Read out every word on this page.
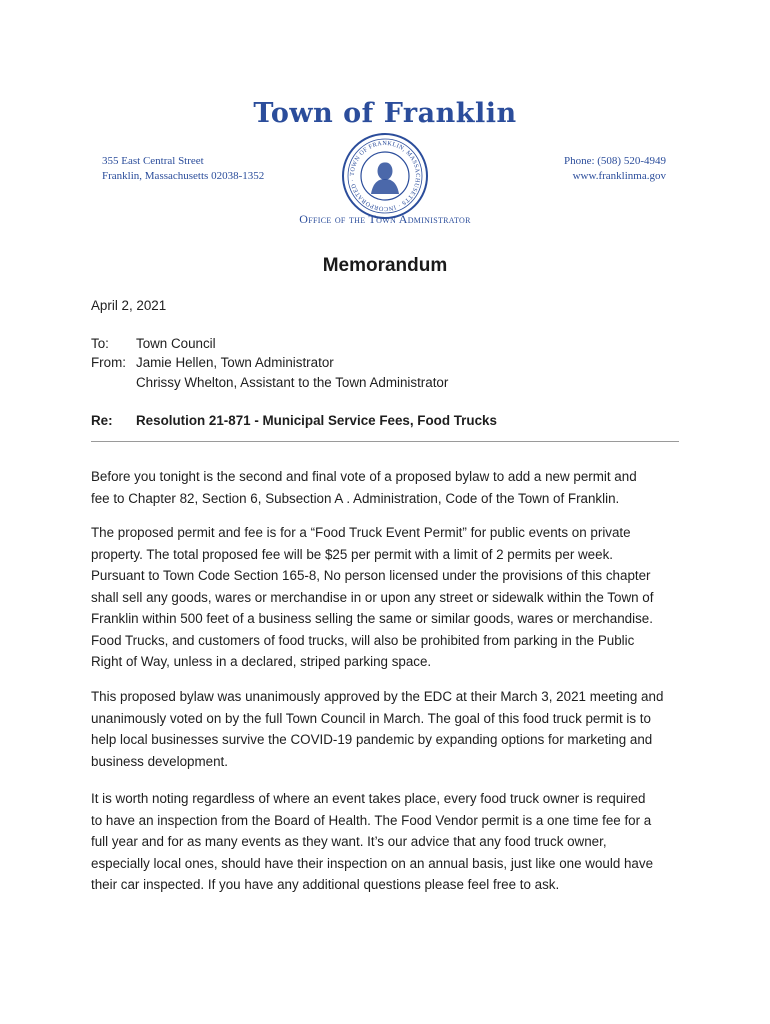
Town of Franklin
355 East Central Street
Franklin, Massachusetts 02038-1352	TOWN OF FRANKLIN, MASSACHUSETTS · INCORPORATED ·
Phone: (508) 520-4949
www.franklinma.gov
Office of the Town Administrator
Memorandum
April 2, 2021
To: Town Council
From: Jamie Hellen, Town Administrator
Chrissy Whelton, Assistant to the Town Administrator
Re: Resolution 21-871 - Municipal Service Fees, Food Trucks
Before you tonight is the second and final vote of a proposed bylaw to add a new permit and
fee to Chapter 82, Section 6, Subsection A . Administration, Code of the Town of Franklin.
The proposed permit and fee is for a “Food Truck Event Permit” for public events on private
property. The total proposed fee will be $25 per permit with a limit of 2 permits per week.
Pursuant to Town Code Section 165-8, No person licensed under the provisions of this chapter
shall sell any goods, wares or merchandise in or upon any street or sidewalk within the Town of
Franklin within 500 feet of a business selling the same or similar goods, wares or merchandise.
Food Trucks, and customers of food trucks, will also be prohibited from parking in the Public
Right of Way, unless in a declared, striped parking space.
This proposed bylaw was unanimously approved by the EDC at their March 3, 2021 meeting and
unanimously voted on by the full Town Council in March. The goal of this food truck permit is to
help local businesses survive the COVID-19 pandemic by expanding options for marketing and
business development.
It is worth noting regardless of where an event takes place, every food truck owner is required
to have an inspection from the Board of Health. The Food Vendor permit is a one time fee for a
full year and for as many events as they want. It’s our advice that any food truck owner,
especially local ones, should have their inspection on an annual basis, just like one would have
their car inspected. If you have any additional questions please feel free to ask.
